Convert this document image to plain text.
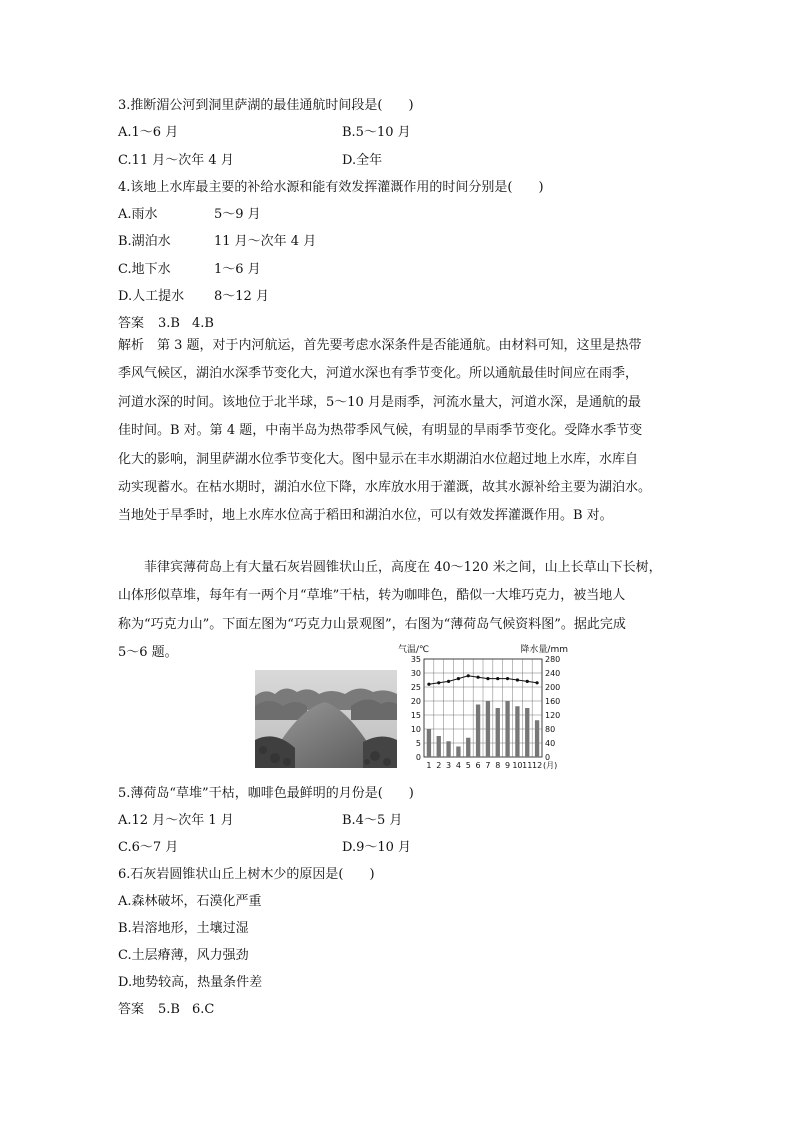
3.推断湄公河到洞里萨湖的最佳通航时间段是(　　)
A.1～6 月	B.5～10 月
C.11 月～次年 4 月	D.全年
4.该地上水库最主要的补给水源和能有效发挥灌溉作用的时间分别是(　　)
A.雨水	5～9 月
B.湖泊水	11 月～次年 4 月
C.地下水	1～6 月
D.人工提水 8～12 月
答案 3.B 4.B
解析　第 3 题，对于内河航运，首先要考虑水深条件是否能通航。由材料可知，这里是热带
季风气候区，湖泊水深季节变化大，河道水深也有季节变化。所以通航最佳时间应在雨季，
河道水深的时间。该地位于北半球，5～10 月是雨季，河流水量大，河道水深，是通航的最
佳时间。B 对。第 4 题，中南半岛为热带季风气候，有明显的旱雨季节变化。受降水季节变
化大的影响，洞里萨湖水位季节变化大。图中显示在丰水期湖泊水位超过地上水库，水库自
动实现蓄水。在枯水期时，湖泊水位下降，水库放水用于灌溉，故其水源补给主要为湖泊水。
当地处于旱季时，地上水库水位高于稻田和湖泊水位，可以有效发挥灌溉作用。B 对。
菲律宾薄荷岛上有大量石灰岩圆锥状山丘，高度在 40～120 米之间，山上长草山下长树，
山体形似草堆，每年有一两个月“草堆”干枯，转为咖啡色，酷似一大堆巧克力，被当地人
称为“巧克力山”。下面左图为“巧克力山景观图”，右图为“薄荷岛气候资料图”。据此完成
5～6 题。	气温/℃	降水量/mm
35
30
25
20
15
10
5
0
280
240
200
160
120
80
40
0
1 2 3 4 5 6 7 8 9 10 11 12 (月)
5.薄荷岛“草堆”干枯，咖啡色最鲜明的月份是(　　)
A.12 月～次年 1 月	B.4～5 月
C.6～7 月	D.9～10 月
6.石灰岩圆锥状山丘上树木少的原因是(　　)
A.森林破坏，石漠化严重
B.岩溶地形，土壤过湿
C.土层瘠薄，风力强劲
D.地势较高，热量条件差
答案 5.B 6.C
